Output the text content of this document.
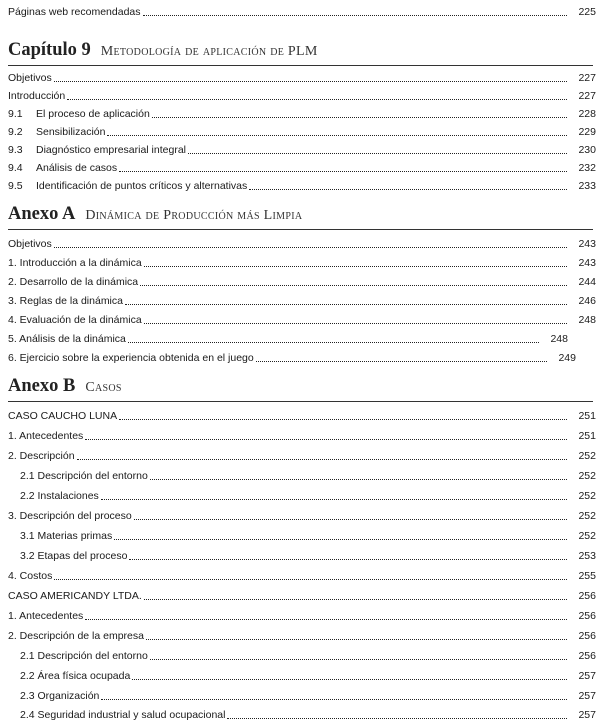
Páginas web recomendadas	225
Capítulo 9 Metodología de aplicación de PLM
Objetivos	227
Introducción	227
9.1 El proceso de aplicación	228
9.2 Sensibilización	229
9.3 Diagnóstico empresarial integral	230
9.4 Análisis de casos	232
9.5 Identificación de puntos críticos y alternativas	233
Anexo A Dinámica de Producción más Limpia
Objetivos	243
1. Introducción a la dinámica	243
2. Desarrollo de la dinámica	244
3. Reglas de la dinámica	246
4. Evaluación de la dinámica	248
5. Análisis de la dinámica	248
6. Ejercicio sobre la experiencia obtenida en el juego	249
Anexo B Casos
CASO CAUCHO LUNA	251
1. Antecedentes	251
2. Descripción	252
2.1 Descripción del entorno	252
2.2 Instalaciones	252
3. Descripción del proceso	252
3.1 Materias primas	252
3.2 Etapas del proceso	253
4. Costos	255
CASO AMERICANDY LTDA.	256
1. Antecedentes	256
2. Descripción de la empresa	256
2.1 Descripción del entorno	256
2.2 Área física ocupada	257
2.3 Organización	257
2.4 Seguridad industrial y salud ocupacional	257
